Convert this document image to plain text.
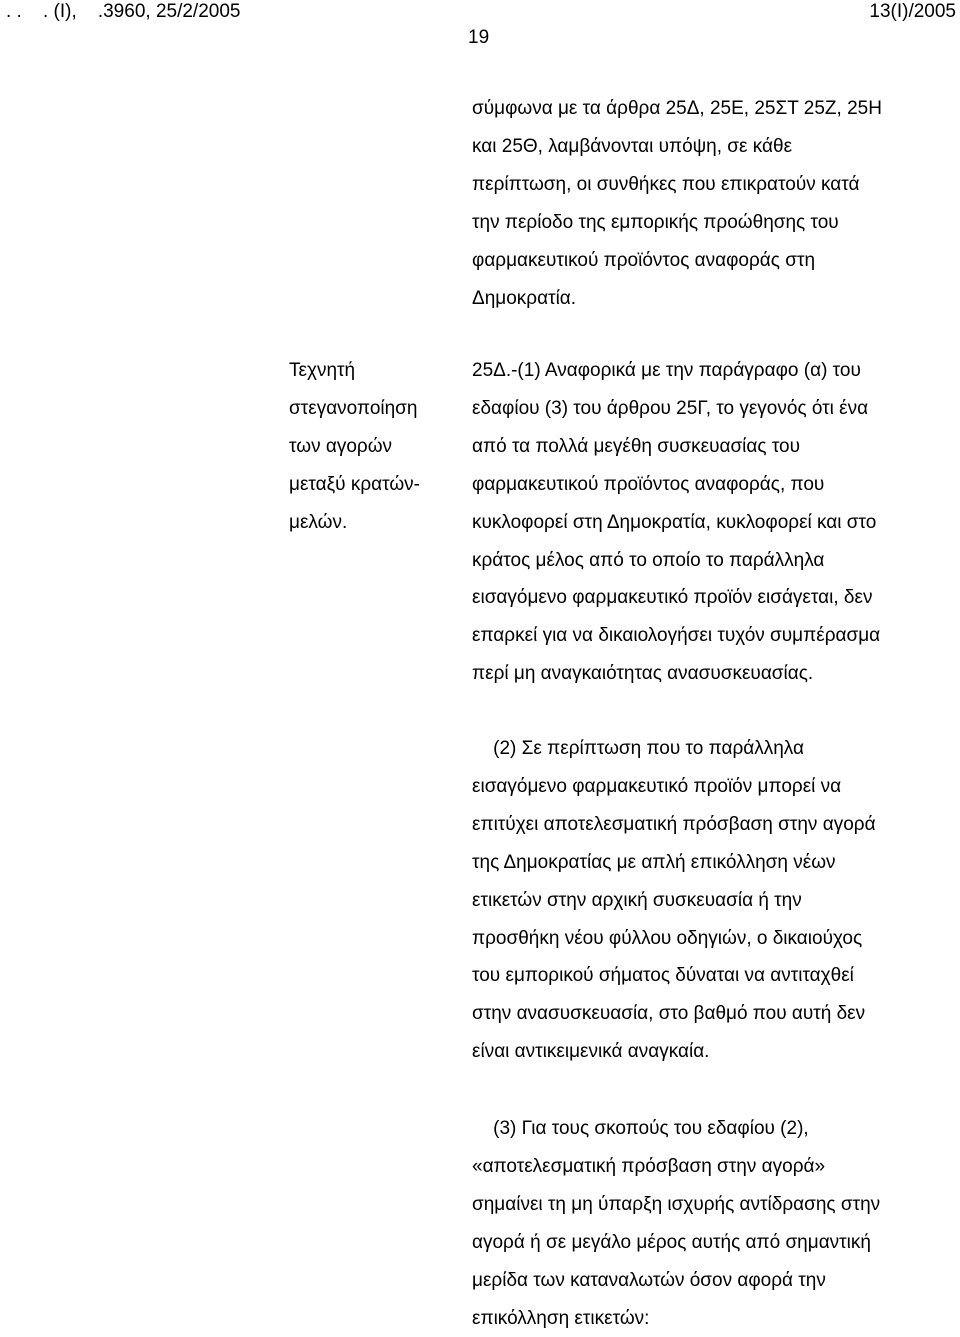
. .    . (Ι),    .3960, 25/2/2005	13(Ι)/2005
19
σύμφωνα με τα άρθρα 25Δ, 25Ε, 25ΣΤ 25Ζ, 25Η
και 25Θ, λαμβάνονται υπόψη, σε κάθε
περίπτωση, οι συνθήκες που επικρατούν κατά
την περίοδο της εμπορικής προώθησης του
φαρμακευτικού προϊόντος αναφοράς στη
Δημοκρατία.
Τεχνητή
στεγανοποίηση
των αγορών
μεταξύ κρατών-
μελών.
25Δ.-(1) Αναφορικά με την παράγραφο (α) του
εδαφίου (3) του άρθρου 25Γ, το γεγονός ότι ένα
από τα πολλά μεγέθη συσκευασίας του
φαρμακευτικού προϊόντος αναφοράς, που
κυκλοφορεί στη Δημοκρατία, κυκλοφορεί και στο
κράτος μέλος από το οποίο το παράλληλα
εισαγόμενο φαρμακευτικό προϊόν εισάγεται, δεν
επαρκεί για να δικαιολογήσει τυχόν συμπέρασμα
περί μη αναγκαιότητας ανασυσκευασίας.
(2) Σε περίπτωση που το παράλληλα
εισαγόμενο φαρμακευτικό προϊόν μπορεί να
επιτύχει αποτελεσματική πρόσβαση στην αγορά
της Δημοκρατίας με απλή επικόλληση νέων
ετικετών στην αρχική συσκευασία ή την
προσθήκη νέου φύλλου οδηγιών, ο δικαιούχος
του εμπορικού σήματος δύναται να αντιταχθεί
στην ανασυσκευασία, στο βαθμό που αυτή δεν
είναι αντικειμενικά αναγκαία.
(3) Για τους σκοπούς του εδαφίου (2),
«αποτελεσματική πρόσβαση στην αγορά»
σημαίνει τη μη ύπαρξη ισχυρής αντίδρασης στην
αγορά ή σε μεγάλο μέρος αυτής από σημαντική
μερίδα των καταναλωτών όσον αφορά την
επικόλληση ετικετών:
